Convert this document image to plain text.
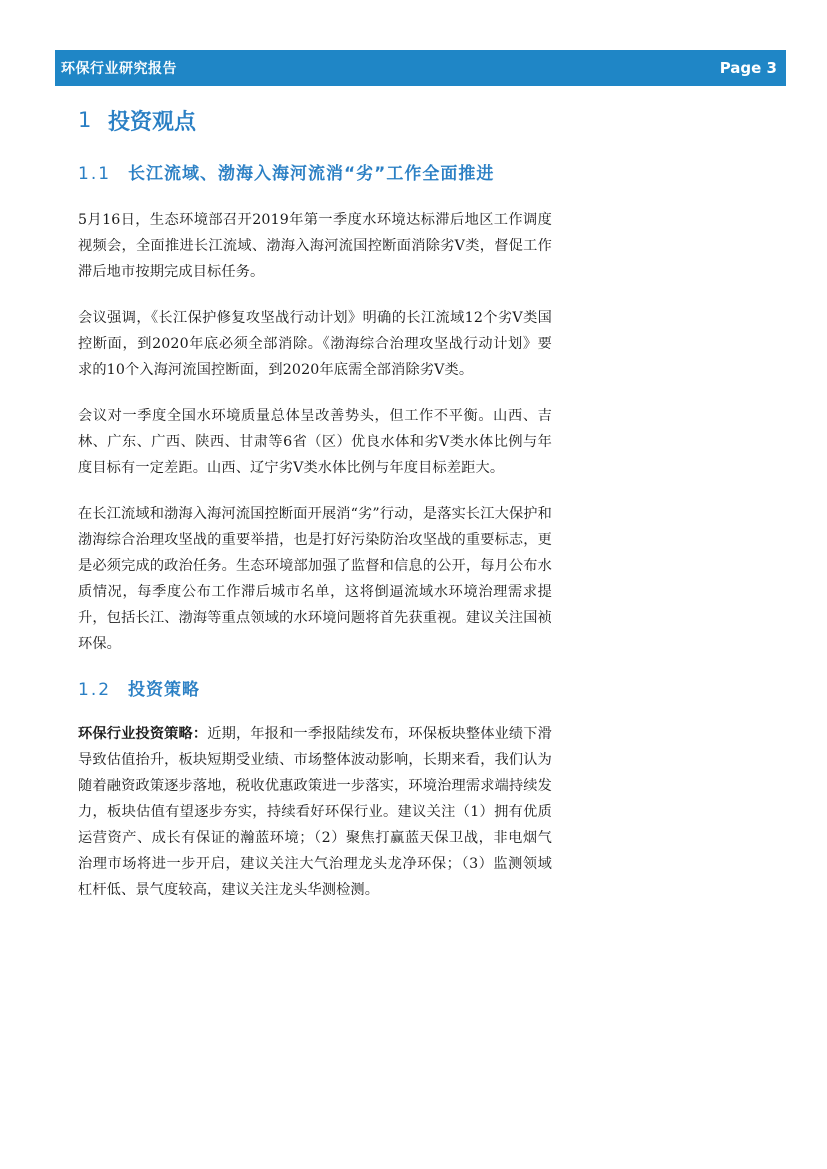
环保行业研究报告	Page 3
1 投资观点
1.1 长江流域、渤海入海河流消“劣”工作全面推进

5月16日，生态环境部召开2019年第一季度水环境达标滞后地区工作调度视频会，全面推进长江流域、渤海入海河流国控断面消除劣Ⅴ类，督促工作滞后地市按期完成目标任务。

会议强调，《长江保护修复攻坚战行动计划》明确的长江流域12个劣Ⅴ类国控断面，到2020年底必须全部消除。《渤海综合治理攻坚战行动计划》要求的10个入海河流国控断面，到2020年底需全部消除劣Ⅴ类。

会议对一季度全国水环境质量总体呈改善势头，但工作不平衡。山西、吉林、广东、广西、陕西、甘肃等6省（区）优良水体和劣Ⅴ类水体比例与年度目标有一定差距。山西、辽宁劣Ⅴ类水体比例与年度目标差距大。

在长江流域和渤海入海河流国控断面开展消“劣”行动，是落实长江大保护和渤海综合治理攻坚战的重要举措，也是打好污染防治攻坚战的重要标志，更是必须完成的政治任务。生态环境部加强了监督和信息的公开，每月公布水质情况，每季度公布工作滞后城市名单，这将倒逼流域水环境治理需求提升，包括长江、渤海等重点领域的水环境问题将首先获重视。建议关注国祯环保。

1.2 投资策略

环保行业投资策略：近期，年报和一季报陆续发布，环保板块整体业绩下滑导致估值抬升，板块短期受业绩、市场整体波动影响，长期来看，我们认为随着融资政策逐步落地，税收优惠政策进一步落实，环境治理需求端持续发力，板块估值有望逐步夯实，持续看好环保行业。建议关注（1）拥有优质运营资产、成长有保证的瀚蓝环境；（2）聚焦打赢蓝天保卫战，非电烟气治理市场将进一步开启，建议关注大气治理龙头龙净环保；（3）监测领域杠杆低、景气度较高，建议关注龙头华测检测。
